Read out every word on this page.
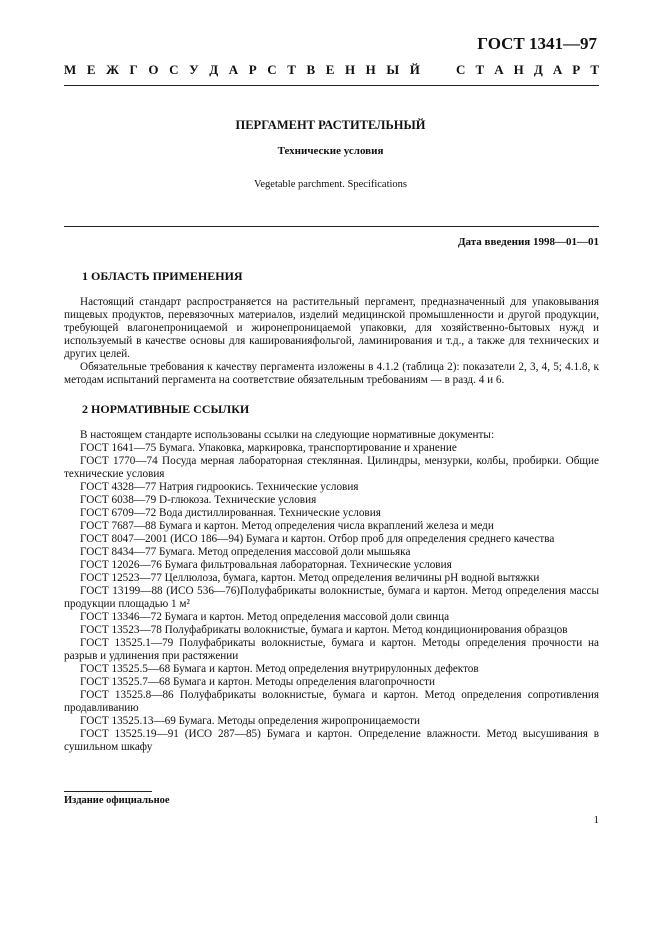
ГОСТ 1341—97
М Е Ж Г О С У Д А Р С Т В Е Н Н Ы Й	С Т А Н Д А Р Т
ПЕРГАМЕНТ РАСТИТЕЛЬНЫЙ
Технические условия
Vegetable parchment. Specifications
Дата введения 1998—01—01
1 ОБЛАСТЬ ПРИМЕНЕНИЯ

Настоящий стандарт распространяется на растительный пергамент, предназначенный для упаковывания пищевых продуктов, перевязочных материалов, изделий медицинской промышленности и другой продукции, требующей влагонепроницаемой и жиронепроницаемой упаковки, для хозяйственно-бытовых нужд и используемый в качестве основы для кашированияфольгой, ламинирования и т.д., а также для технических и других целей.

Обязательные требования к качеству пергамента изложены в 4.1.2 (таблица 2): показатели 2, 3, 4, 5; 4.1.8, к методам испытаний пергамента на соответствие обязательным требованиям — в разд. 4 и 6.

2 НОРМАТИВНЫЕ ССЫЛКИ

В настоящем стандарте использованы ссылки на следующие нормативные документы:

ГОСТ 1641—75 Бумага. Упаковка, маркировка, транспортирование и хранение

ГОСТ 1770—74 Посуда мерная лабораторная стеклянная. Цилиндры, мензурки, колбы, пробирки. Общие технические условия

ГОСТ 4328—77 Натрия гидроокись. Технические условия

ГОСТ 6038—79 D-глюкоза. Технические условия

ГОСТ 6709—72 Вода дистиллированная. Технические условия

ГОСТ 7687—88 Бумага и картон. Метод определения числа вкраплений железа и меди

ГОСТ 8047—2001 (ИСО 186—94) Бумага и картон. Отбор проб для определения среднего качества

ГОСТ 8434—77 Бумага. Метод определения массовой доли мышьяка

ГОСТ 12026—76 Бумага фильтровальная лабораторная. Технические условия

ГОСТ 12523—77 Целлюлоза, бумага, картон. Метод определения величины pH водной вытяжки

ГОСТ 13199—88 (ИСО 536—76)Полуфабрикаты волокнистые, бумага и картон. Метод определения массы продукции площадью 1 м²

ГОСТ 13346—72 Бумага и картон. Метод определения массовой доли свинца

ГОСТ 13523—78 Полуфабрикаты волокнистые, бумага и картон. Метод кондиционирования образцов

ГОСТ 13525.1—79 Полуфабрикаты волокнистые, бумага и картон. Методы определения прочности на разрыв и удлинения при растяжении

ГОСТ 13525.5—68 Бумага и картон. Метод определения внутрирулонных дефектов

ГОСТ 13525.7—68 Бумага и картон. Методы определения влагопрочности

ГОСТ 13525.8—86 Полуфабрикаты волокнистые, бумага и картон. Метод определения сопротивления продавливанию

ГОСТ 13525.13—69 Бумага. Методы определения жиропроницаемости

ГОСТ 13525.19—91 (ИСО 287—85) Бумага и картон. Определение влажности. Метод высушивания в сушильном шкафу

Издание официальное
1
